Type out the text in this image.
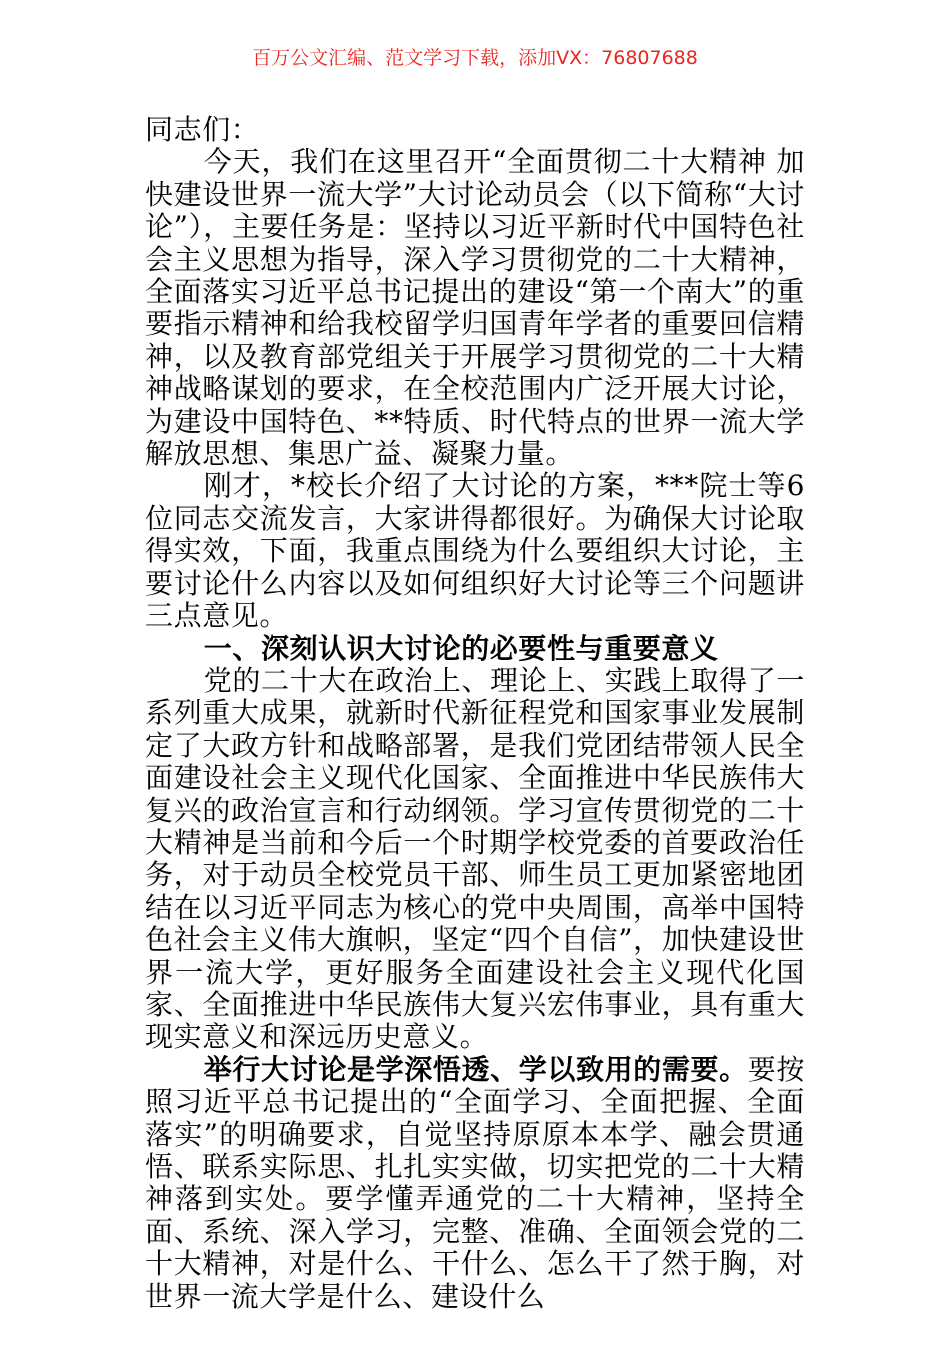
百万公文汇编、范文学习下载，添加VX：76807688

同志们：

今天，我们在这里召开“全面贯彻二十大精神 加快建设世界一流大学”大讨论动员会（以下简称“大讨论”），主要任务是：坚持以习近平新时代中国特色社会主义思想为指导，深入学习贯彻党的二十大精神，全面落实习近平总书记提出的建设“第一个南大”的重要指示精神和给我校留学归国青年学者的重要回信精神，以及教育部党组关于开展学习贯彻党的二十大精神战略谋划的要求，在全校范围内广泛开展大讨论，为建设中国特色、**特质、时代特点的世界一流大学解放思想、集思广益、凝聚力量。

刚才，*校长介绍了大讨论的方案，***院士等6位同志交流发言，大家讲得都很好。为确保大讨论取得实效，下面，我重点围绕为什么要组织大讨论，主要讨论什么内容以及如何组织好大讨论等三个问题讲三点意见。

一、深刻认识大讨论的必要性与重要意义

党的二十大在政治上、理论上、实践上取得了一系列重大成果，就新时代新征程党和国家事业发展制定了大政方针和战略部署，是我们党团结带领人民全面建设社会主义现代化国家、全面推进中华民族伟大复兴的政治宣言和行动纲领。学习宣传贯彻党的二十大精神是当前和今后一个时期学校党委的首要政治任务，对于动员全校党员干部、师生员工更加紧密地团结在以习近平同志为核心的党中央周围，高举中国特色社会主义伟大旗帜，坚定“四个自信”，加快建设世界一流大学，更好服务全面建设社会主义现代化国家、全面推进中华民族伟大复兴宏伟事业，具有重大现实意义和深远历史意义。

举行大讨论是学深悟透、学以致用的需要。要按照习近平总书记提出的“全面学习、全面把握、全面落实”的明确要求，自觉坚持原原本本学、融会贯通悟、联系实际思、扎扎实实做，切实把党的二十大精神落到实处。要学懂弄通党的二十大精神，坚持全面、系统、深入学习，完整、准确、全面领会党的二十大精神，对是什么、干什么、怎么干了然于胸，对世界一流大学是什么、建设什么
